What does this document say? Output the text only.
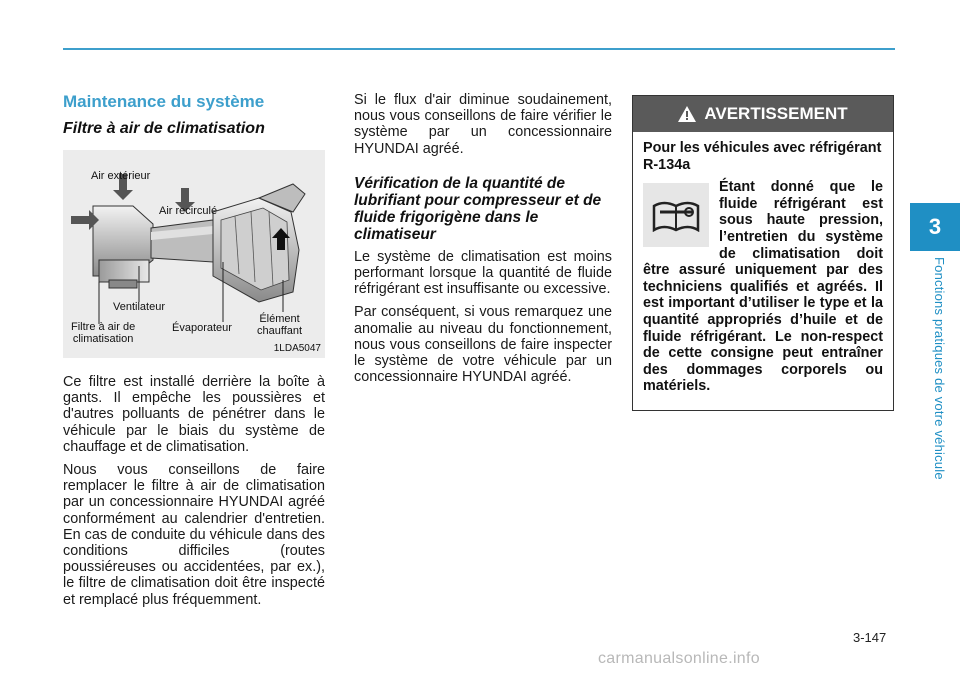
3
Fonctions pratiques de votre véhicule
Maintenance du système
Filtre à air de climatisation
Air extérieur
Air recirculé
Ventilateur
Filtre à air de
climatisation
Évaporateur
Élément
chauffant
1LDA5047

Ce filtre est installé derrière la boîte à gants. Il empêche les poussières et d'autres polluants de pénétrer dans le véhicule par le biais du système de chauffage et de climatisation.

Nous vous conseillons de faire remplacer le filtre à air de climatisation par un concessionnaire HYUNDAI agréé conformément au calendrier d'entretien. En cas de conduite du véhicule dans des conditions difficiles (routes poussiéreuses ou accidentées, par ex.), le filtre de climatisation doit être inspecté et remplacé plus fréquemment.

Si le flux d'air diminue soudainement, nous vous conseillons de faire vérifier le système par un concessionnaire HYUNDAI agréé.

Vérification de la quantité de lubrifiant pour compresseur et de fluide frigorigène dans le climatiseur

Le système de climatisation est moins performant lorsque la quantité de fluide réfrigérant est insuffisante ou excessive.

Par conséquent, si vous remarquez une anomalie au niveau du fonctionnement, nous vous conseillons de faire inspecter le système de votre véhicule par un concessionnaire HYUNDAI agréé.

AVERTISSEMENT

Pour les véhicules avec réfrigérant R-134a

Étant donné que le fluide réfrigérant est sous haute pression, l’entretien du système de climatisation doit être assuré uniquement par des techniciens qualifiés et agréés. Il est important d’utiliser le type et la quantité appropriés d’huile et de fluide réfrigérant. Le non-respect de cette consigne peut entraîner des dommages corporels ou matériels.

3-147
carmanualsonline.info
